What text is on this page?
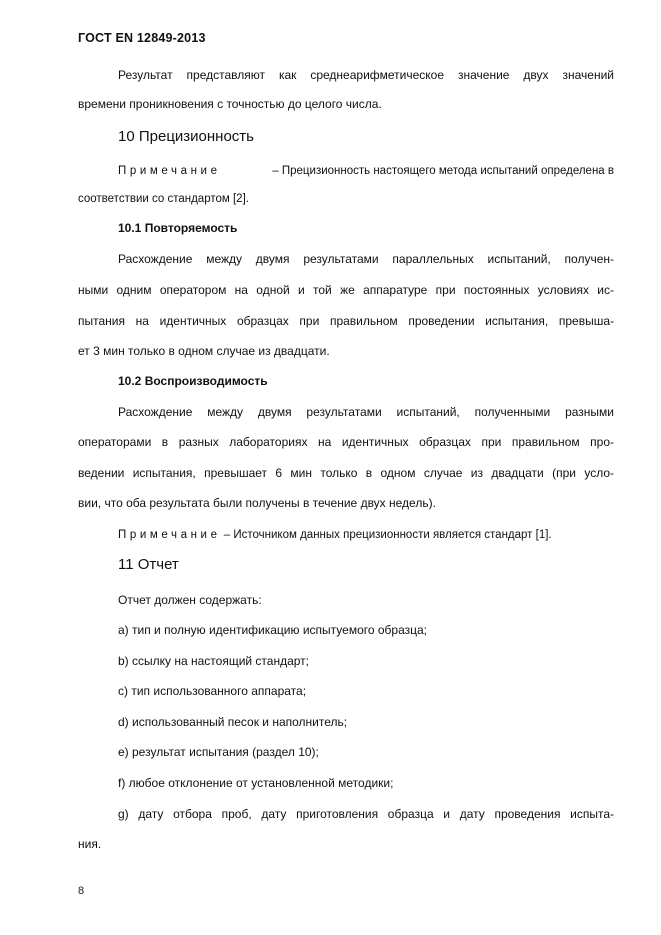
ГОСТ EN 12849-2013
Результат представляют как среднеарифметическое значение двух значений
времени проникновения с точностью до целого числа.
10 Прецизионность
Примечание	– Прецизионность настоящего метода испытаний определена в
соответствии со стандартом [2].
10.1 Повторяемость
Расхождение между двумя результатами параллельных испытаний, получен-
ными одним оператором на одной и той же аппаратуре при постоянных условиях ис-
пытания на идентичных образцах при правильном проведении испытания, превыша-
ет 3 мин только в одном случае из двадцати.
10.2 Воспроизводимость
Расхождение между двумя результатами испытаний, полученными разными
операторами в разных лабораториях на идентичных образцах при правильном про-
ведении испытания, превышает 6 мин только в одном случае из двадцати (при усло-
вии, что оба результата были получены в течение двух недель).
Примечание – Источником данных прецизионности является стандарт [1].
11 Отчет
Отчет должен содержать:
а) тип и полную идентификацию испытуемого образца;
b) ссылку на настоящий стандарт;
c) тип использованного аппарата;
d) использованный песок и наполнитель;
e) результат испытания (раздел 10);
f) любое отклонение от установленной методики;
g) дату отбора проб, дату приготовления образца и дату проведения испыта-
ния.
8
